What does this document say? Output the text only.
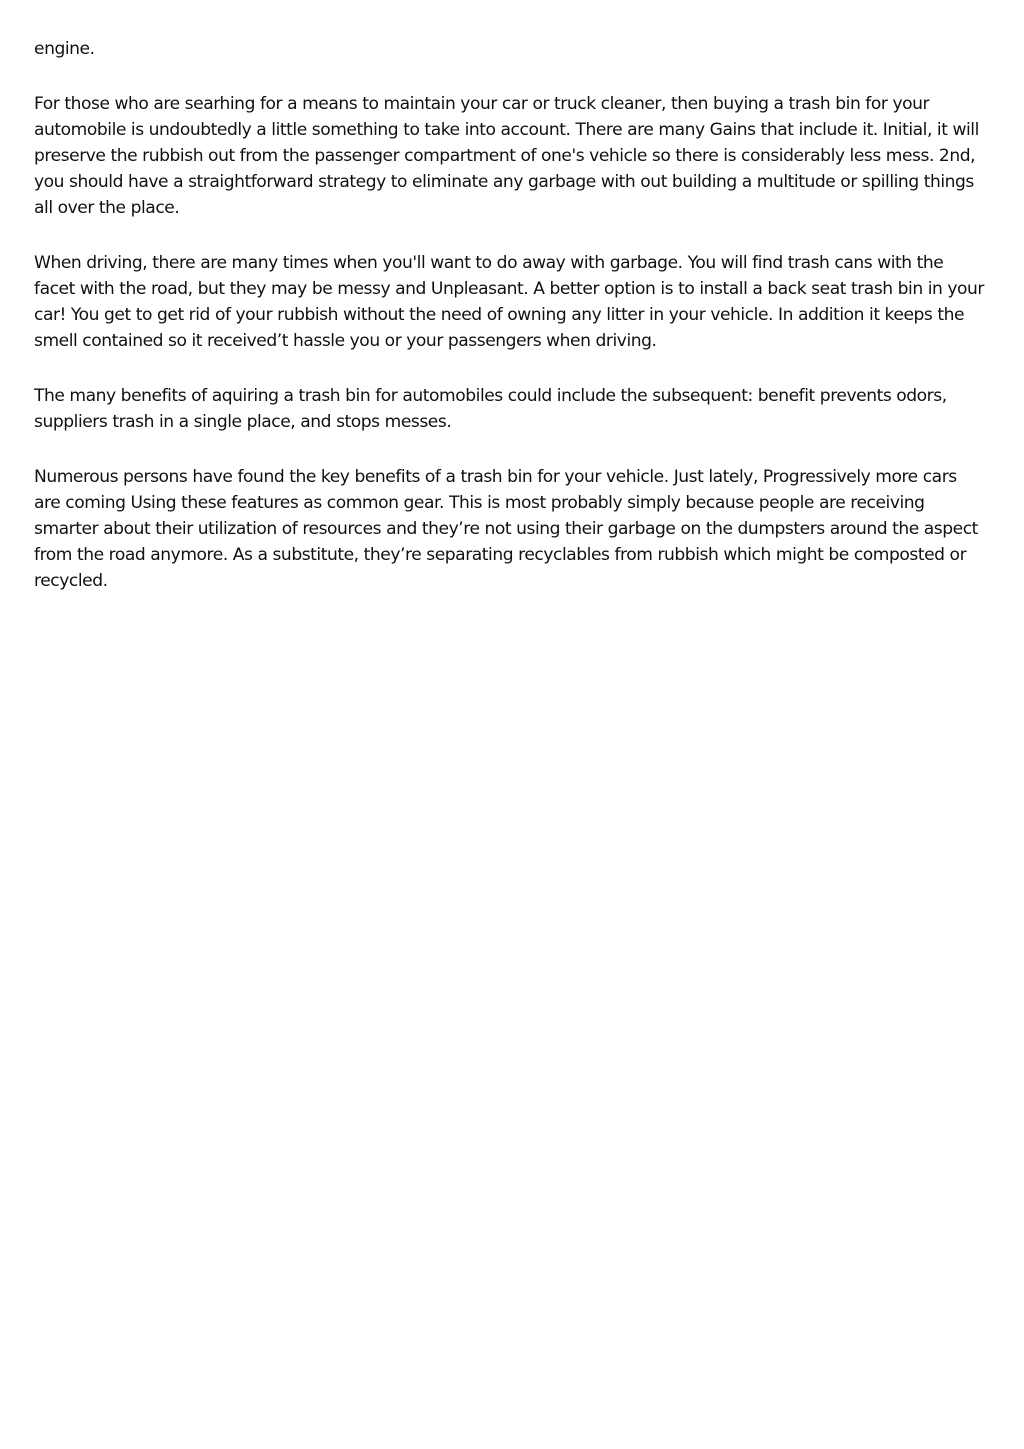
engine.

For those who are searhing for a means to maintain your car or truck cleaner, then buying a trash bin for your automobile is undoubtedly a little something to take into account. There are many Gains that include it. Initial, it will preserve the rubbish out from the passenger compartment of one's vehicle so there is considerably less mess. 2nd, you should have a straightforward strategy to eliminate any garbage with out building a multitude or spilling things all over the place.

When driving, there are many times when you'll want to do away with garbage. You will find trash cans with the facet with the road, but they may be messy and Unpleasant. A better option is to install a back seat trash bin in your car! You get to get rid of your rubbish without the need of owning any litter in your vehicle. In addition it keeps the smell contained so it received’t hassle you or your passengers when driving.

The many benefits of aquiring a trash bin for automobiles could include the subsequent: benefit prevents odors, suppliers trash in a single place, and stops messes.

Numerous persons have found the key benefits of a trash bin for your vehicle. Just lately, Progressively more cars are coming Using these features as common gear. This is most probably simply because people are receiving smarter about their utilization of resources and they’re not using their garbage on the dumpsters around the aspect from the road anymore. As a substitute, they’re separating recyclables from rubbish which might be composted or recycled.
